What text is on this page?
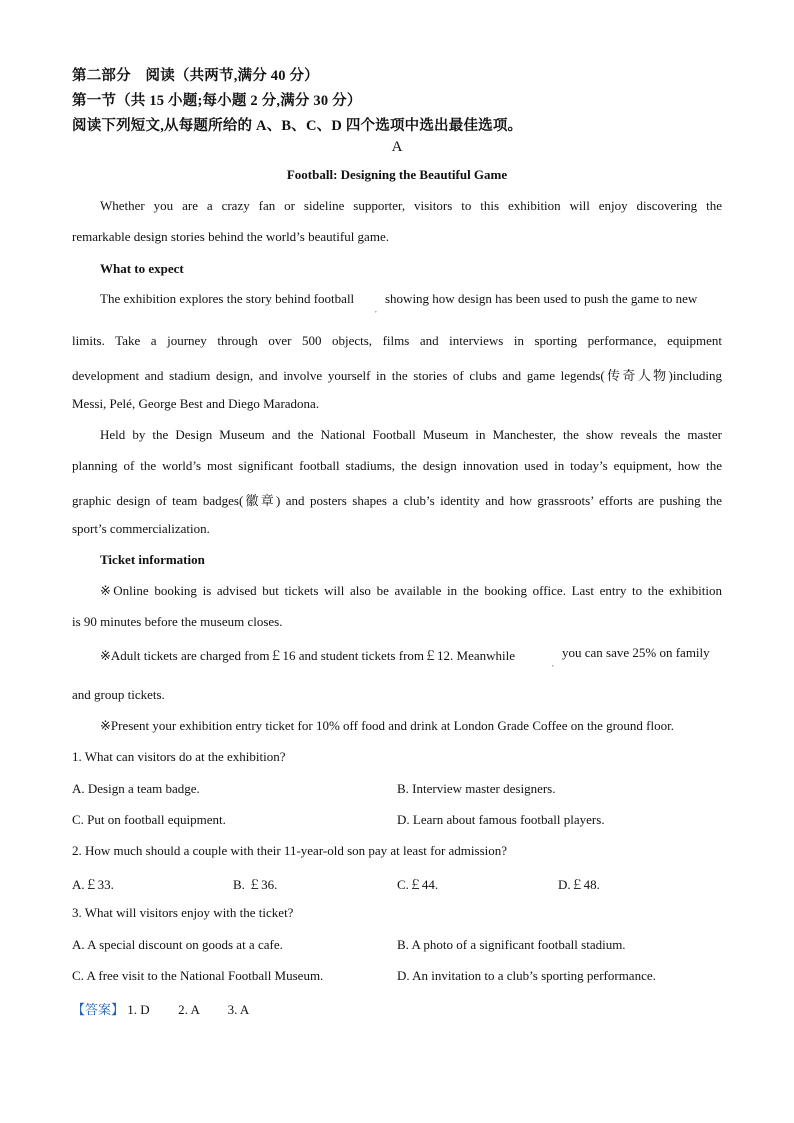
第二部分　阅读（共两节,满分 40 分）
第一节（共 15 小题;每小题 2 分,满分 30 分）
阅读下列短文,从每题所给的 A、B、C、D 四个选项中选出最佳选项。
A
Football: Designing the Beautiful Game
Whether you are a crazy fan or sideline supporter, visitors to this exhibition will enjoy discovering the
remarkable design stories behind the world’s beautiful game.
What to expect
The exhibition explores the story behind football
,
showing how design has been used to push the game to new
limits. Take a journey through over 500 objects, films and interviews in sporting performance, equipment
development and stadium design, and involve yourself in the stories of clubs and game legends(传奇人物)including
Messi, Pelé, George Best and Diego Maradona.
Held by the Design Museum and the National Football Museum in Manchester, the show reveals the master
planning of the world’s most significant football stadiums, the design innovation used in today’s equipment, how the
graphic design of team badges(徽章) and posters shapes a club’s identity and how grassroots’ efforts are pushing the
sport’s commercialization.
Ticket information
※Online booking is advised but tickets will also be available in the booking office. Last entry to the exhibition
is 90 minutes before the museum closes.
※Adult tickets are charged from￡16 and student tickets from￡12. Meanwhile
,
you can save 25% on family
and group tickets.
※Present your exhibition entry ticket for 10% off food and drink at London Grade Coffee on the ground floor.
1. What can visitors do at the exhibition?
A. Design a team badge.	B. Interview master designers.
C. Put on football equipment.	D. Learn about famous football players.
2. How much should a couple with their 11-year-old son pay at least for admission?
A.￡33.	B. ￡36.	C.￡44.	D.￡48.
3. What will visitors enjoy with the ticket?
A. A special discount on goods at a cafe.	B. A photo of a significant football stadium.
C. A free visit to the National Football Museum.	D. An invitation to a club’s sporting performance.
【答案】 1. D 2. A 3. A
